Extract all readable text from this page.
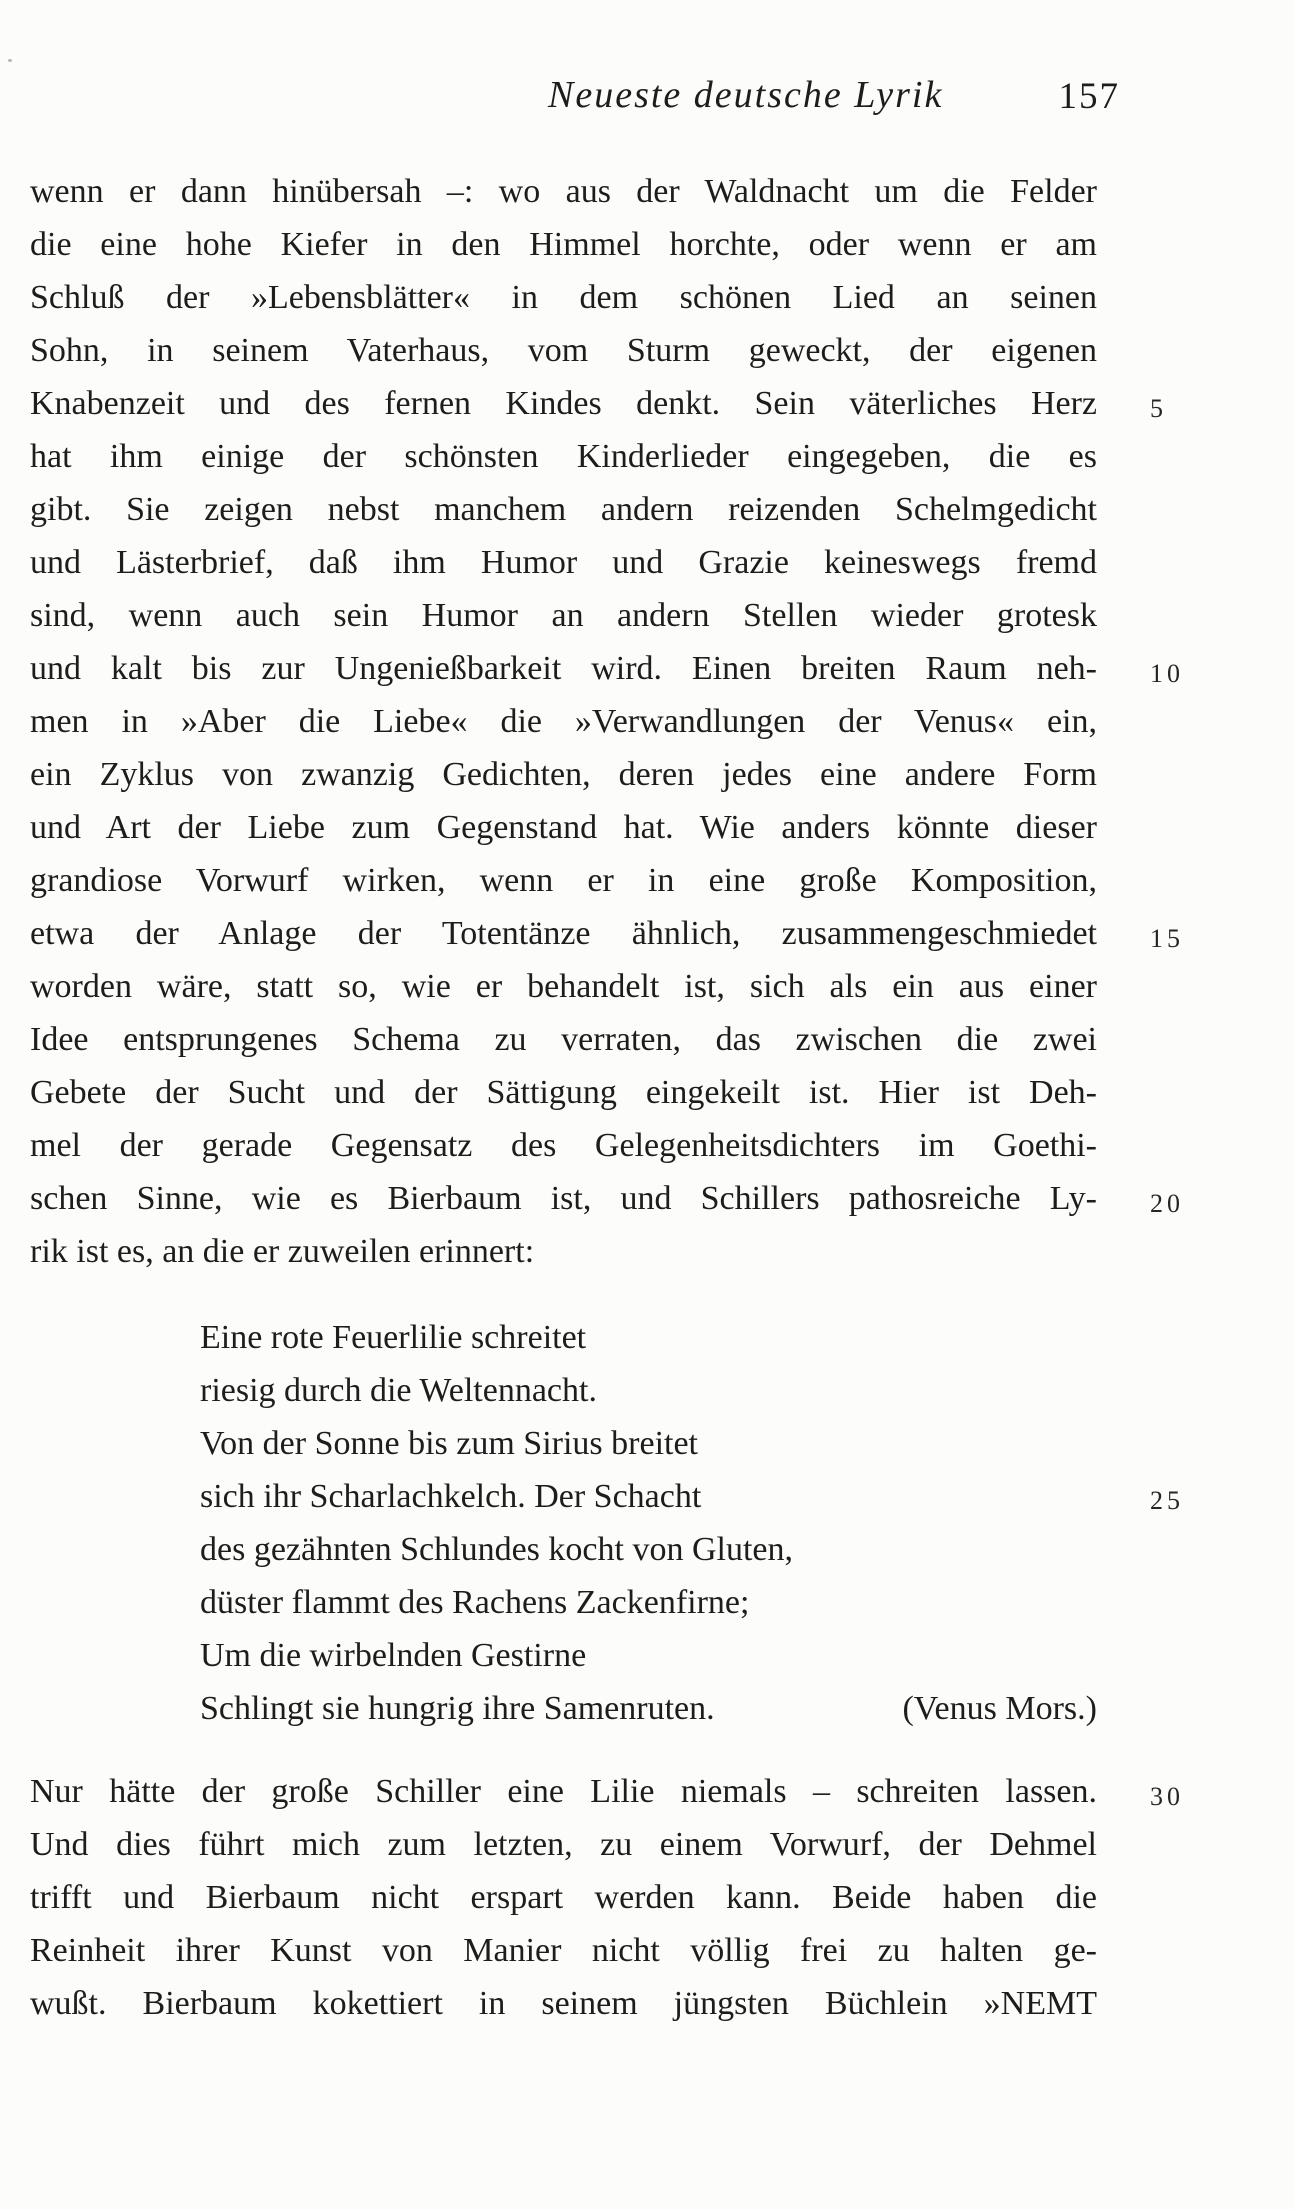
Neueste deutsche Lyrik	157
wenn er dann hinübersah –: wo aus der Waldnacht um die Felder
die eine hohe Kiefer in den Himmel horchte, oder wenn er am
Schluß der »Lebensblätter« in dem schönen Lied an seinen
Sohn, in seinem Vaterhaus, vom Sturm geweckt, der eigenen
Knabenzeit und des fernen Kindes denkt. Sein väterliches Herz
hat ihm einige der schönsten Kinderlieder eingegeben, die es
gibt. Sie zeigen nebst manchem andern reizenden Schelmgedicht
und Lästerbrief, daß ihm Humor und Grazie keineswegs fremd
sind, wenn auch sein Humor an andern Stellen wieder grotesk
und kalt bis zur Ungenießbarkeit wird. Einen breiten Raum neh-
men in »Aber die Liebe« die »Verwandlungen der Venus« ein,
ein Zyklus von zwanzig Gedichten, deren jedes eine andere Form
und Art der Liebe zum Gegenstand hat. Wie anders könnte dieser
grandiose Vorwurf wirken, wenn er in eine große Komposition,
etwa der Anlage der Totentänze ähnlich, zusammengeschmiedet
worden wäre, statt so, wie er behandelt ist, sich als ein aus einer
Idee entsprungenes Schema zu verraten, das zwischen die zwei
Gebete der Sucht und der Sättigung eingekeilt ist. Hier ist Deh-
mel der gerade Gegensatz des Gelegenheitsdichters im Goethi-
schen Sinne, wie es Bierbaum ist, und Schillers pathosreiche Ly-
rik ist es, an die er zuweilen erinnert:
Eine rote Feuerlilie schreitet
riesig durch die Weltennacht.
Von der Sonne bis zum Sirius breitet
sich ihr Scharlachkelch. Der Schacht
des gezähnten Schlundes kocht von Gluten,
düster flammt des Rachens Zackenfirne;
Um die wirbelnden Gestirne
Schlingt sie hungrig ihre Samenruten.	(Venus Mors.)
Nur hätte der große Schiller eine Lilie niemals – schreiten lassen.
Und dies führt mich zum letzten, zu einem Vorwurf, der Dehmel
trifft und Bierbaum nicht erspart werden kann. Beide haben die
Reinheit ihrer Kunst von Manier nicht völlig frei zu halten ge-
wußt. Bierbaum kokettiert in seinem jüngsten Büchlein »NEMT
5
10
15
20
25
30
